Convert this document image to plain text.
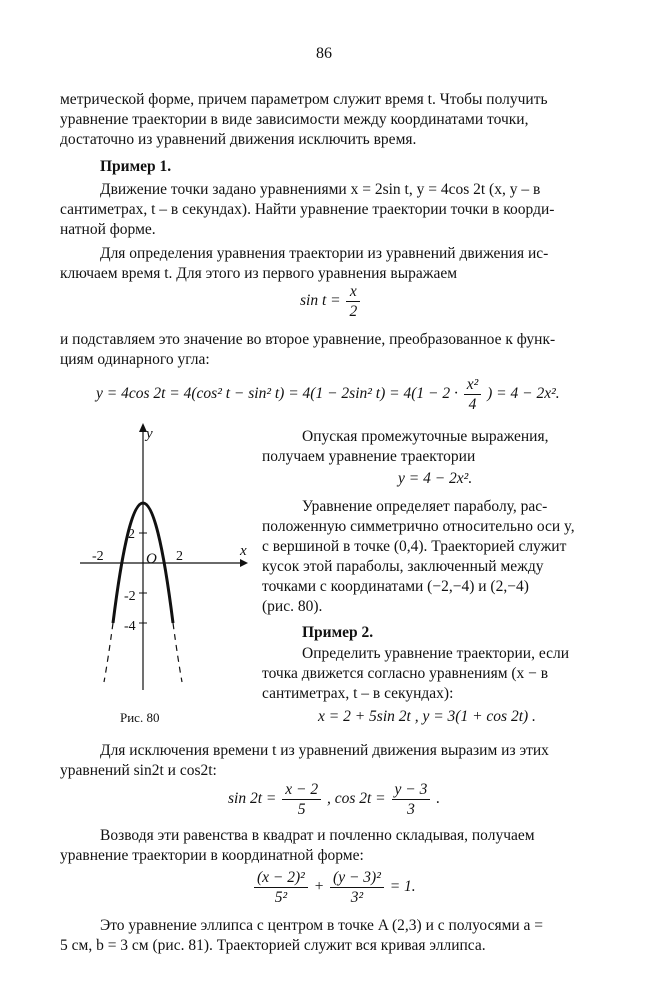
86
метрической форме, причем параметром служит время t. Чтобы получить
уравнение траектории в виде зависимости между координатами точки,
достаточно из уравнений движения исключить время.
Пример 1.
Движение точки задано уравнениями x = 2sin t, y = 4cos 2t (x, y – в
сантиметрах, t – в секундах). Найти уравнение траектории точки в коорди-
натной форме.
Для определения уравнения траектории из уравнений движения ис-
ключаем время t. Для этого из первого уравнения выражаем
$\sin t = \frac{x}{2}$
и подставляем это значение во второе уравнение, преобразованное к функ-
циям одинарного угла:
y = 4cos 2t = 4(cos² t − sin² t) = 4(1 − 2sin² $t) = 4(1 - 2 \cdot \frac{\text{x²}}{4}$ ) = 4 − 2x².
y
x
O
-2	2
2
-2
-4
Рис. 80
Опуская промежуточные выражения,
получаем уравнение траектории
y = 4 − 2x².
Уравнение определяет параболу, рас-
положенную симметрично относительно оси y,
с вершиной в точке (0,4). Траекторией служит
кусок этой параболы, заключенный между
точками с координатами (−2,−4) и (2,−4)
(рис. 80).
Пример 2.
Определить уравнение траектории, если
точка движется согласно уравнениям (x − в
сантиметрах, t – в секундах):
x = 2 + 5sin 2t , y = 3(1 + cos 2t) .
Для исключения времени t из уравнений движения выразим из этих
уравнений sin2t и cos2t:
$\sin 2t = \frac{x - 2}{5}$ , $\cos 2t = \frac{y - 3}{3}$ .
Возводя эти равенства в квадрат и почленно складывая, получаем
уравнение траектории в координатной форме:
$\frac{\text{(x − 2)²}}{\text{5²}} + \frac{\text{(y − 3)²}}{\text{3²}} = 1$.
Это уравнение эллипса с центром в точке A (2,3) и с полуосями a =
5 см, b = 3 см (рис. 81). Траекторией служит вся кривая эллипса.
